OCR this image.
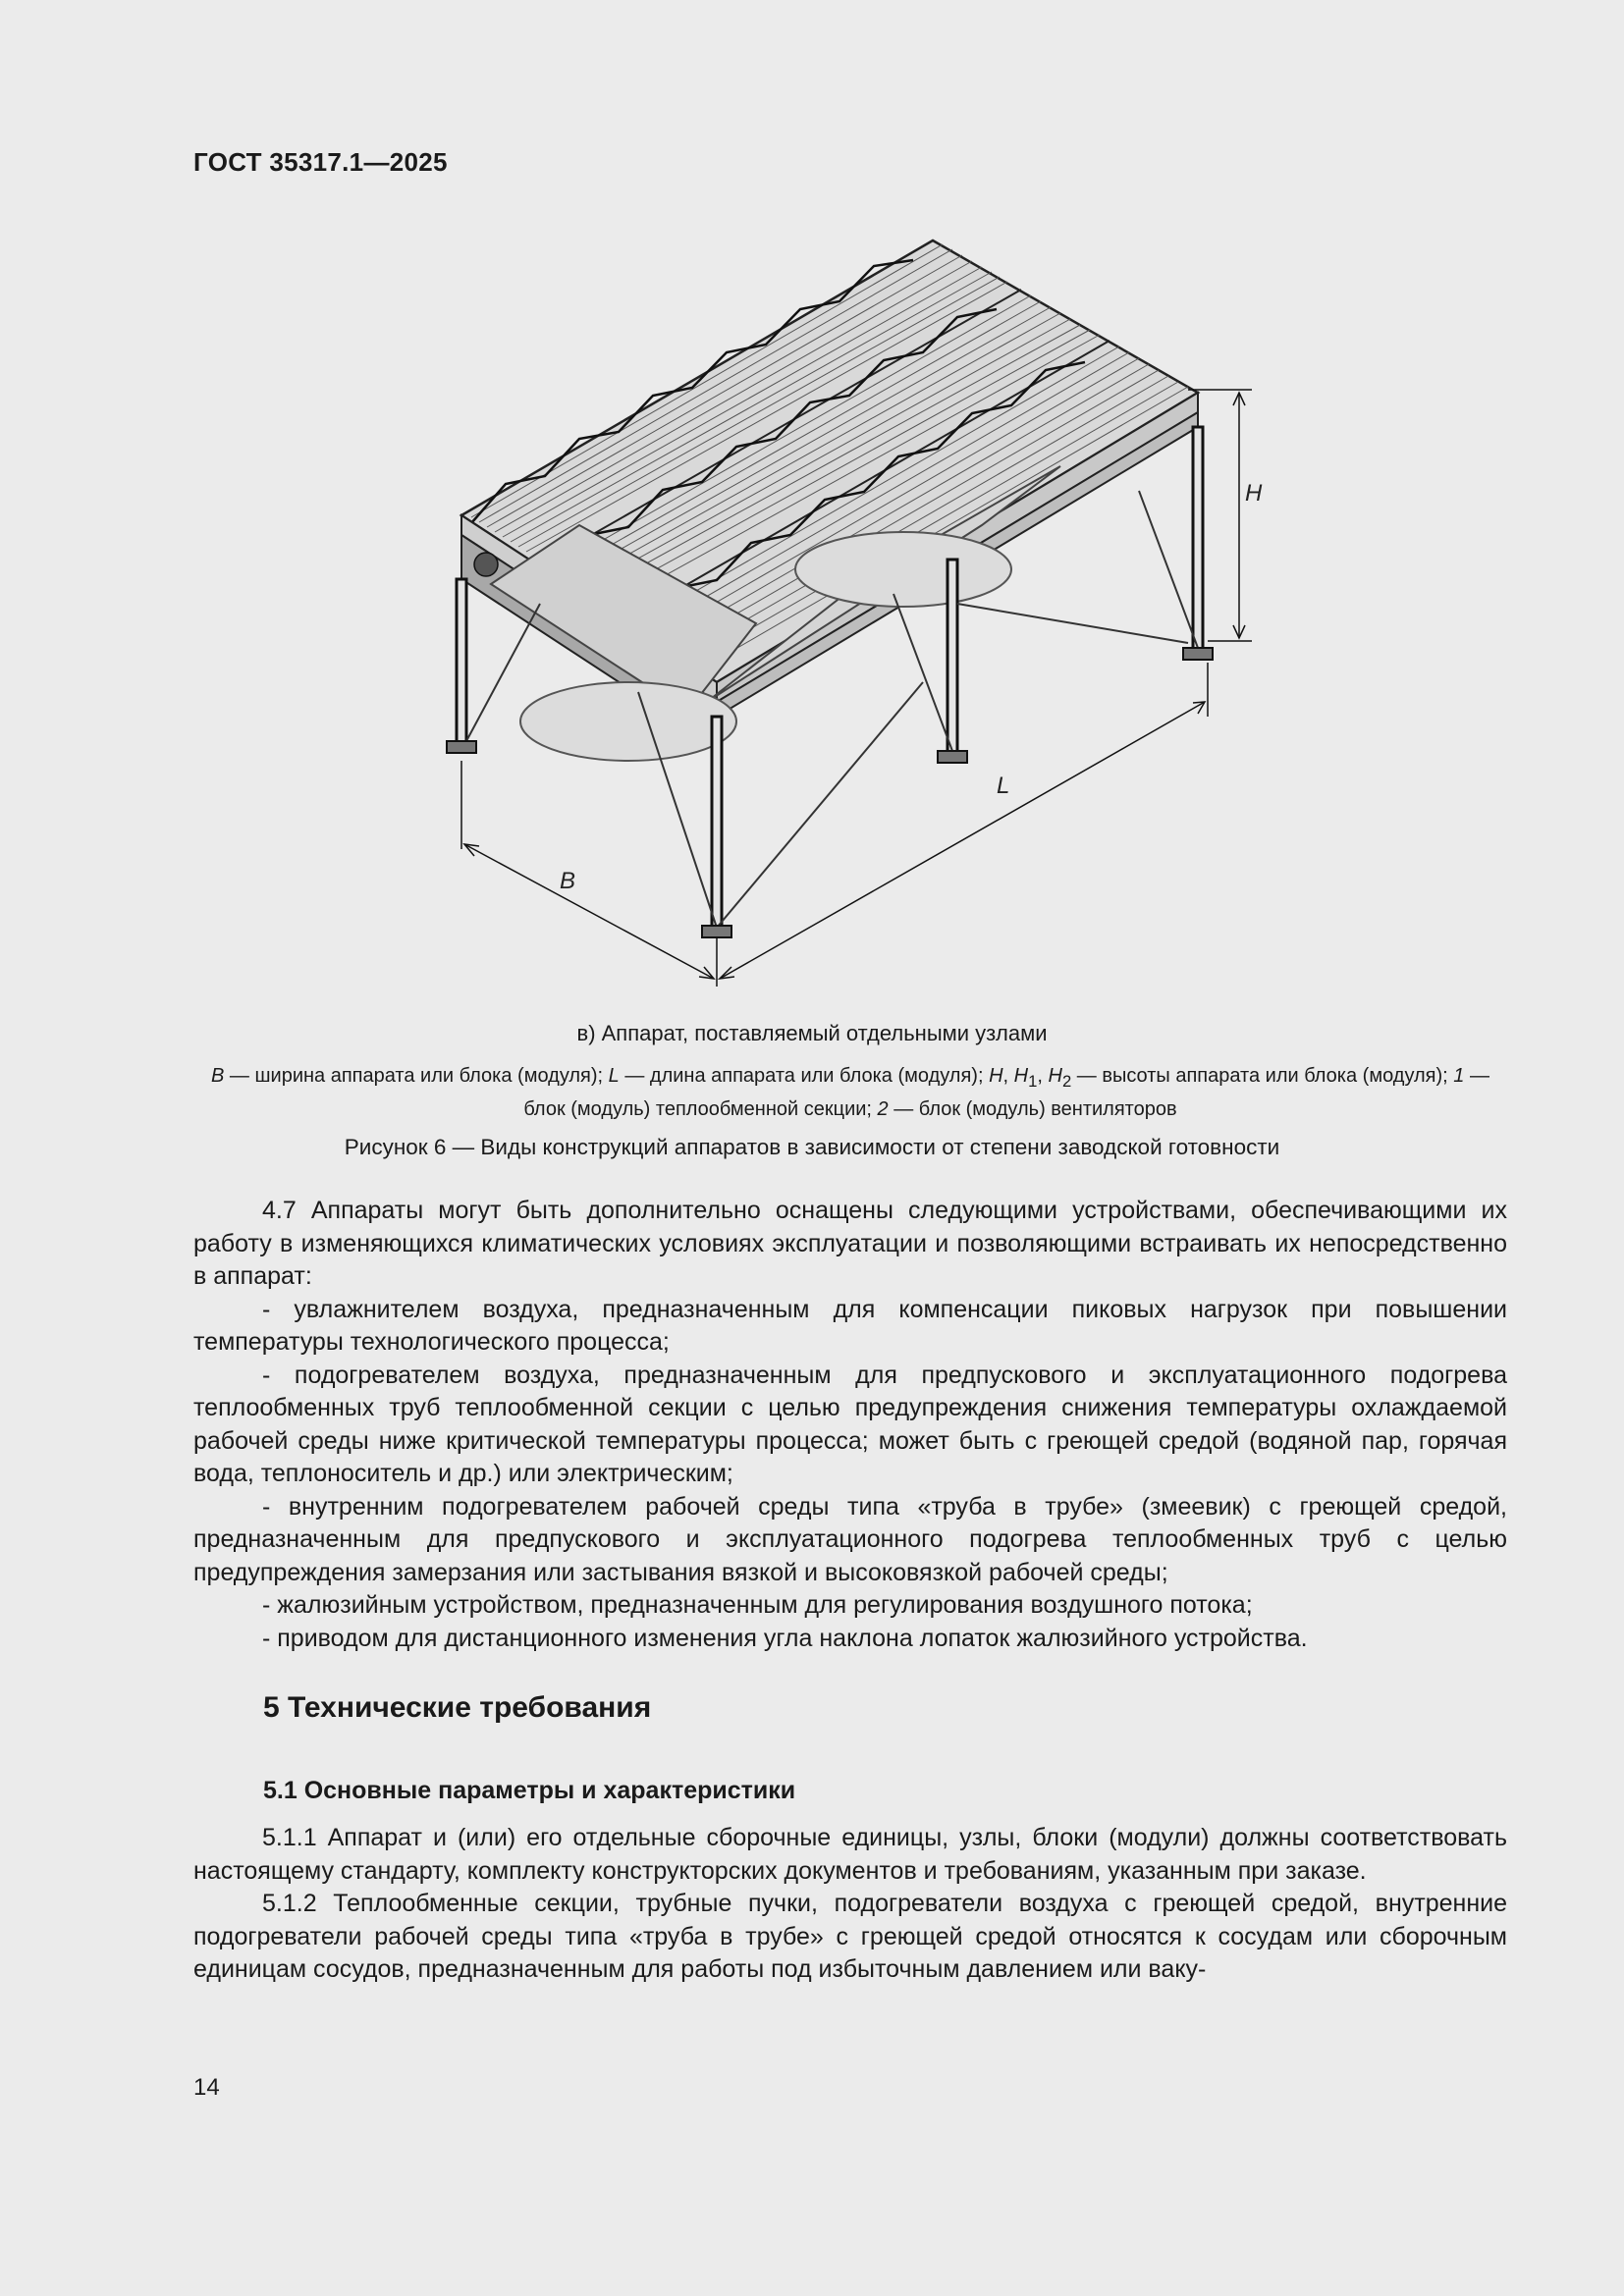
ГОСТ 35317.1—2025
H
L
B
в) Аппарат, поставляемый отдельными узлами
B — ширина аппарата или блока (модуля); L — длина аппарата или блока (модуля); H, $H_1$, $H_2$ — высоты аппарата или блока (модуля); 1 — блок (модуль) теплообменной секции; 2 — блок (модуль) вентиляторов
Рисунок 6 — Виды конструкций аппаратов в зависимости от степени заводской готовности

4.7 Аппараты могут быть дополнительно оснащены следующими устройствами, обеспечивающими их работу в изменяющихся климатических условиях эксплуатации и позволяющими встраивать их непосредственно в аппарат:

- увлажнителем воздуха, предназначенным для компенсации пиковых нагрузок при повышении температуры технологического процесса;

- подогревателем воздуха, предназначенным для предпускового и эксплуатационного подогрева теплообменных труб теплообменной секции с целью предупреждения снижения температуры охлаждаемой рабочей среды ниже критической температуры процесса; может быть с греющей средой (водяной пар, горячая вода, теплоноситель и др.) или электрическим;

- внутренним подогревателем рабочей среды типа «труба в трубе» (змеевик) с греющей средой, предназначенным для предпускового и эксплуатационного подогрева теплообменных труб с целью предупреждения замерзания или застывания вязкой и высоковязкой рабочей среды;

- жалюзийным устройством, предназначенным для регулирования воздушного потока;

- приводом для дистанционного изменения угла наклона лопаток жалюзийного устройства.

5 Технические требования
5.1 Основные параметры и характеристики

5.1.1 Аппарат и (или) его отдельные сборочные единицы, узлы, блоки (модули) должны соответствовать настоящему стандарту, комплекту конструкторских документов и требованиям, указанным при заказе.

5.1.2 Теплообменные секции, трубные пучки, подогреватели воздуха с греющей средой, внутренние подогреватели рабочей среды типа «труба в трубе» с греющей средой относятся к сосудам или сборочным единицам сосудов, предназначенным для работы под избыточным давлением или ваку-

14
